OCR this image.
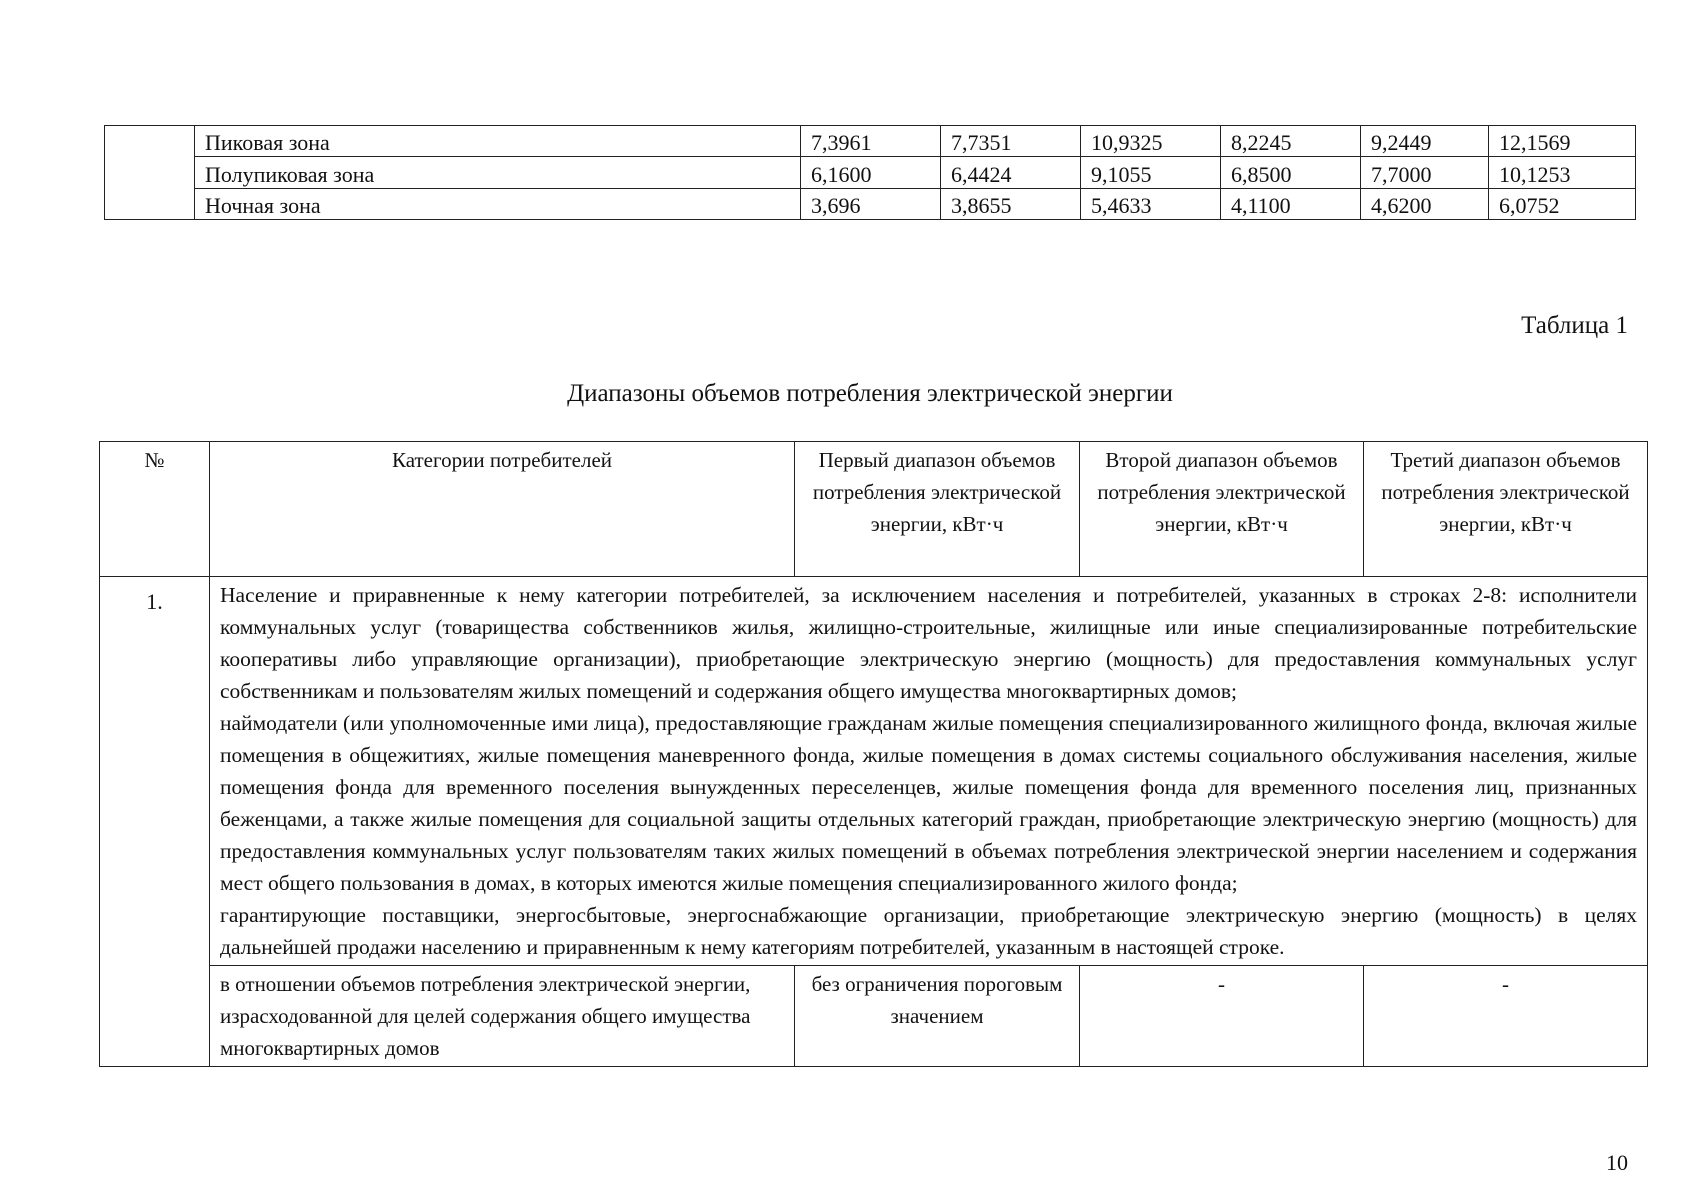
	Пиковая зона	7,3961	7,7351	10,9325	8,2245	9,2449	12,1569
	Полупиковая зона	6,1600	6,4424	9,1055	6,8500	7,7000	10,1253
	Ночная зона	3,696	3,8655	5,4633	4,1100	4,6200	6,0752
Таблица 1
Диапазоны объемов потребления электрической энергии
№	Категории потребителей	Первый диапазон объемов потребления электрической энергии, кВт·ч	Второй диапазон объемов потребления электрической энергии, кВт·ч	Третий диапазон объемов потребления электрической энергии, кВт·ч
1.	Население и приравненные к нему категории потребителей, за исключением населения и потребителей, указанных в строках 2-8: исполнители коммунальных услуг (товарищества собственников жилья, жилищно-строительные, жилищные или иные специализированные потребительские кооперативы либо управляющие организации), приобретающие электрическую энергию (мощность) для предоставления коммунальных услуг собственникам и пользователям жилых помещений и содержания общего имущества многоквартирных домов;

наймодатели (или уполномоченные ими лица), предоставляющие гражданам жилые помещения специализированного жилищного фонда, включая жилые помещения в общежитиях, жилые помещения маневренного фонда, жилые помещения в домах системы социального обслуживания населения, жилые помещения фонда для временного поселения вынужденных переселенцев, жилые помещения фонда для временного поселения лиц, признанных беженцами, а также жилые помещения для социальной защиты отдельных категорий граждан, приобретающие электрическую энергию (мощность) для предоставления коммунальных услуг пользователям таких жилых помещений в объемах потребления электрической энергии населением и содержания мест общего пользования в домах, в которых имеются жилые помещения специализированного жилого фонда;

гарантирующие поставщики, энергосбытовые, энергоснабжающие организации, приобретающие электрическую энергию (мощность) в целях дальнейшей продажи населению и приравненным к нему категориям потребителей, указанным в настоящей строке.			

	в отношении объемов потребления электрической энергии, израсходованной для целей содержания общего имущества многоквартирных домов	без ограничения пороговым значением	-	-
10
